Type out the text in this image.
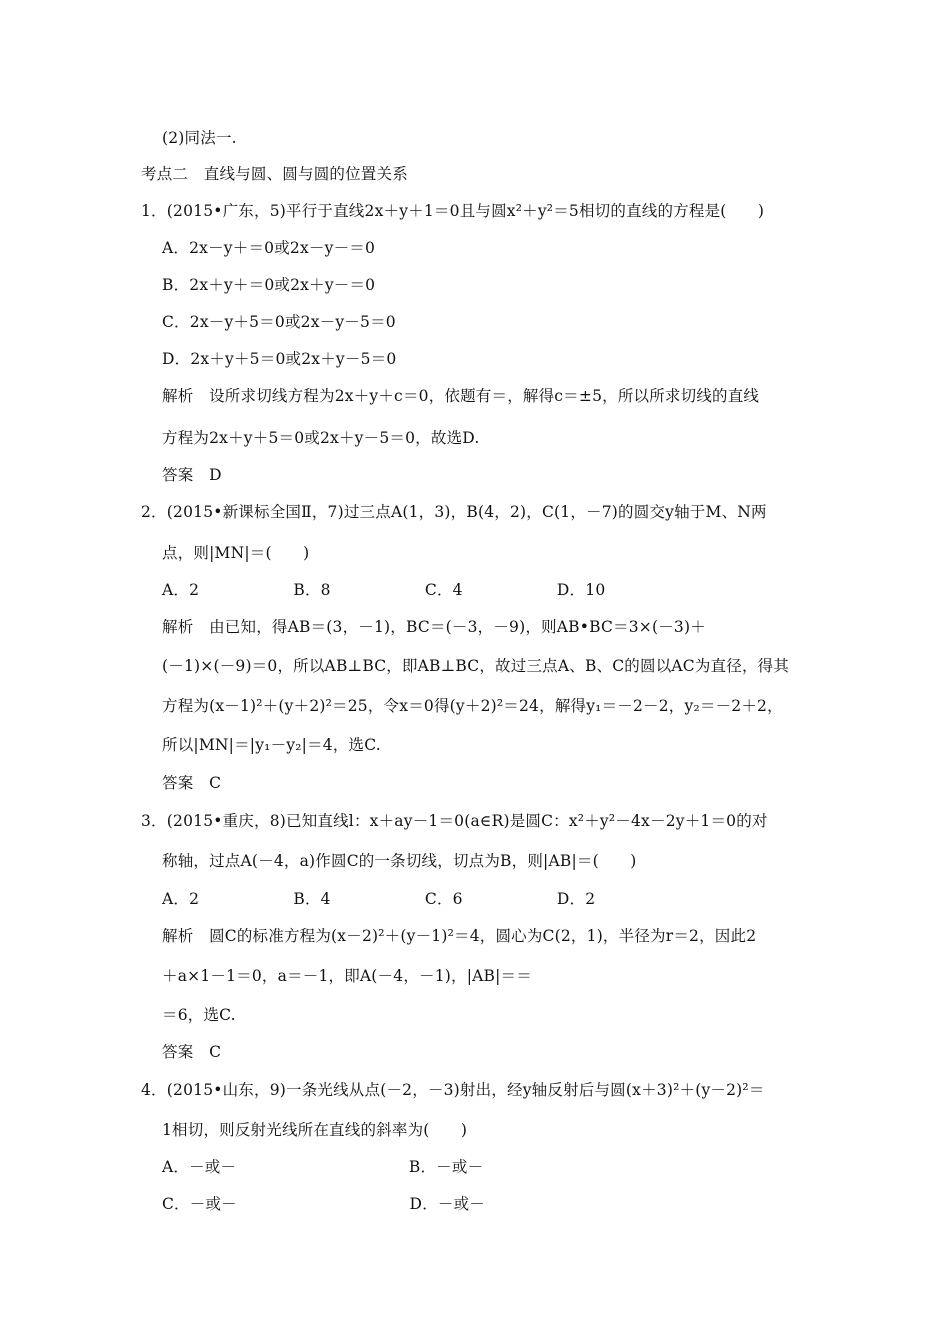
(2)同法一.
考点二　直线与圆、圆与圆的位置关系
1．(2015•广东，5)平行于直线2x＋y＋1＝0且与圆x²＋y²＝5相切的直线的方程是(　　)
A．2x－y＋＝0或2x－y－＝0
B．2x＋y＋＝0或2x＋y－＝0
C．2x－y＋5＝0或2x－y－5＝0
D．2x＋y＋5＝0或2x＋y－5＝0
解析　设所求切线方程为2x＋y＋c＝0，依题有＝，解得c＝±5，所以所求切线的直线
方程为2x＋y＋5＝0或2x＋y－5＝0，故选D.
答案　D
2．(2015•新课标全国Ⅱ，7)过三点A(1，3)，B(4，2)，C(1，－7)的圆交y轴于M、N两
点，则|MN|＝(　　)
A．2　　　　　　B．8　　　　　　C．4　　　　　　D．10
解析　由已知，得AB＝(3，－1)，BC＝(－3，－9)，则AB•BC＝3×(－3)＋
(－1)×(－9)＝0，所以AB⊥BC，即AB⊥BC，故过三点A、B、C的圆以AC为直径，得其
方程为(x－1)²＋(y＋2)²＝25，令x＝0得(y＋2)²＝24，解得y₁＝－2－2，y₂＝－2＋2，
所以|MN|＝|y₁－y₂|＝4，选C.
答案　C
3．(2015•重庆，8)已知直线l：x＋ay－1＝0(a∈R)是圆C：x²＋y²－4x－2y＋1＝0的对
称轴，过点A(－4，a)作圆C的一条切线，切点为B，则|AB|＝(　　)
A．2　　　　　　B．4　　　　　　C．6　　　　　　D．2
解析　圆C的标准方程为(x－2)²＋(y－1)²＝4，圆心为C(2，1)，半径为r＝2，因此2
＋a×1－1＝0，a＝－1，即A(－4，－1)，|AB|＝＝
＝6，选C.
答案　C
4．(2015•山东，9)一条光线从点(－2，－3)射出，经y轴反射后与圆(x＋3)²＋(y－2)²＝
1相切，则反射光线所在直线的斜率为(　　)
A．－或－　　　　　　　　　　　B．－或－
C．－或－　　　　　　　　　　　D．－或－
